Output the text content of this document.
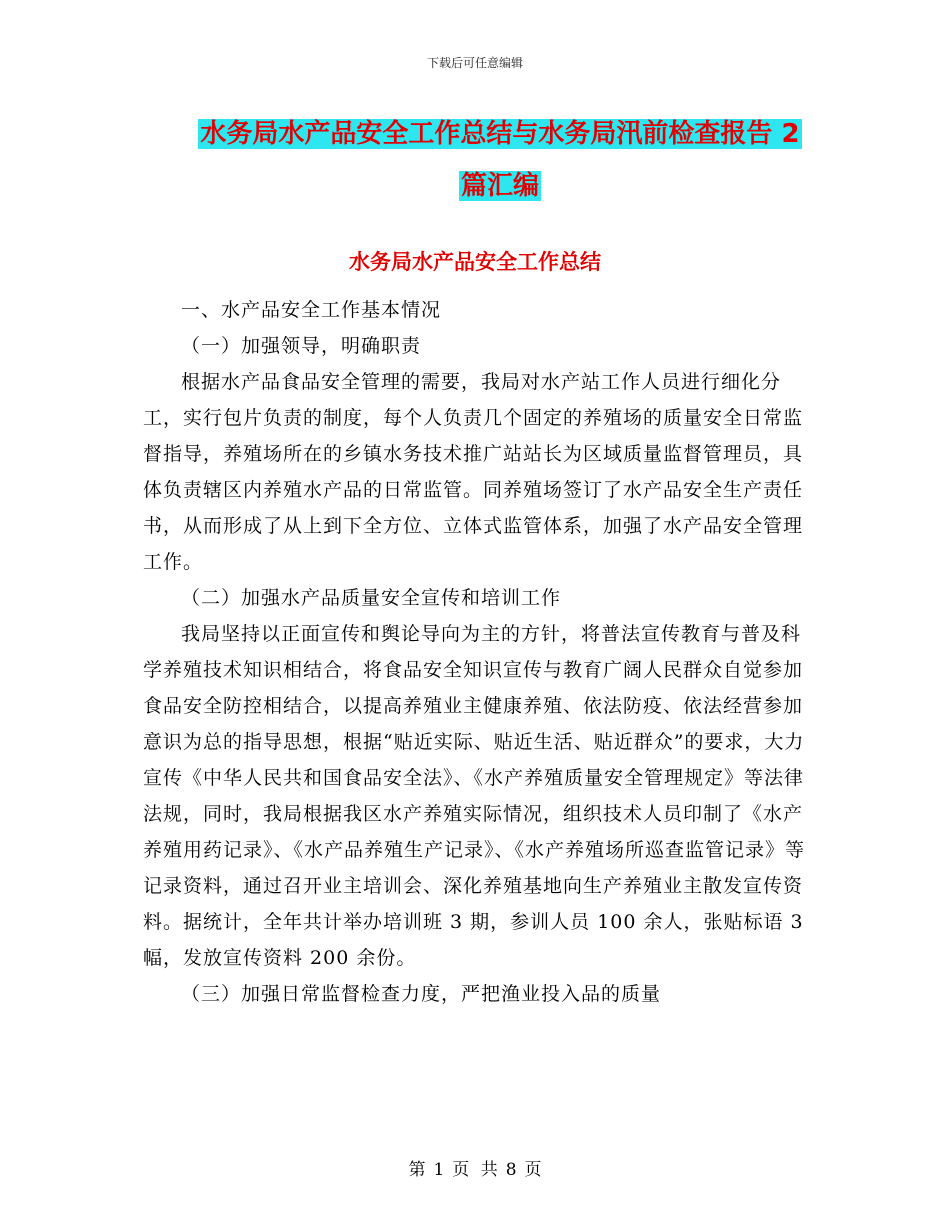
下载后可任意编辑
水务局水产品安全工作总结与水务局汛前检查报告 2
篇汇编
水务局水产品安全工作总结

一、水产品安全工作基本情况

（一）加强领导，明确职责

根据水产品食品安全管理的需要，我局对水产站工作人员进行细化分工，实行包片负责的制度，每个人负责几个固定的养殖场的质量安全日常监督指导，养殖场所在的乡镇水务技术推广站站长为区域质量监督管理员，具体负责辖区内养殖水产品的日常监管。同养殖场签订了水产品安全生产责任书，从而形成了从上到下全方位、立体式监管体系，加强了水产品安全管理工作。

（二）加强水产品质量安全宣传和培训工作

我局坚持以正面宣传和舆论导向为主的方针，将普法宣传教育与普及科学养殖技术知识相结合，将食品安全知识宣传与教育广阔人民群众自觉参加食品安全防控相结合，以提高养殖业主健康养殖、依法防疫、依法经营参加意识为总的指导思想，根据“贴近实际、贴近生活、贴近群众”的要求，大力宣传《中华人民共和国食品安全法》、《水产养殖质量安全管理规定》等法律法规，同时，我局根据我区水产养殖实际情况，组织技术人员印制了《水产养殖用药记录》、《水产品养殖生产记录》、《水产养殖场所巡查监管记录》等记录资料，通过召开业主培训会、深化养殖基地向生产养殖业主散发宣传资料。据统计，全年共计举办培训班 3 期，参训人员 100 余人，张贴标语 3 幅，发放宣传资料 200 余份。

（三）加强日常监督检查力度，严把渔业投入品的质量

第 1 页 共 8 页
